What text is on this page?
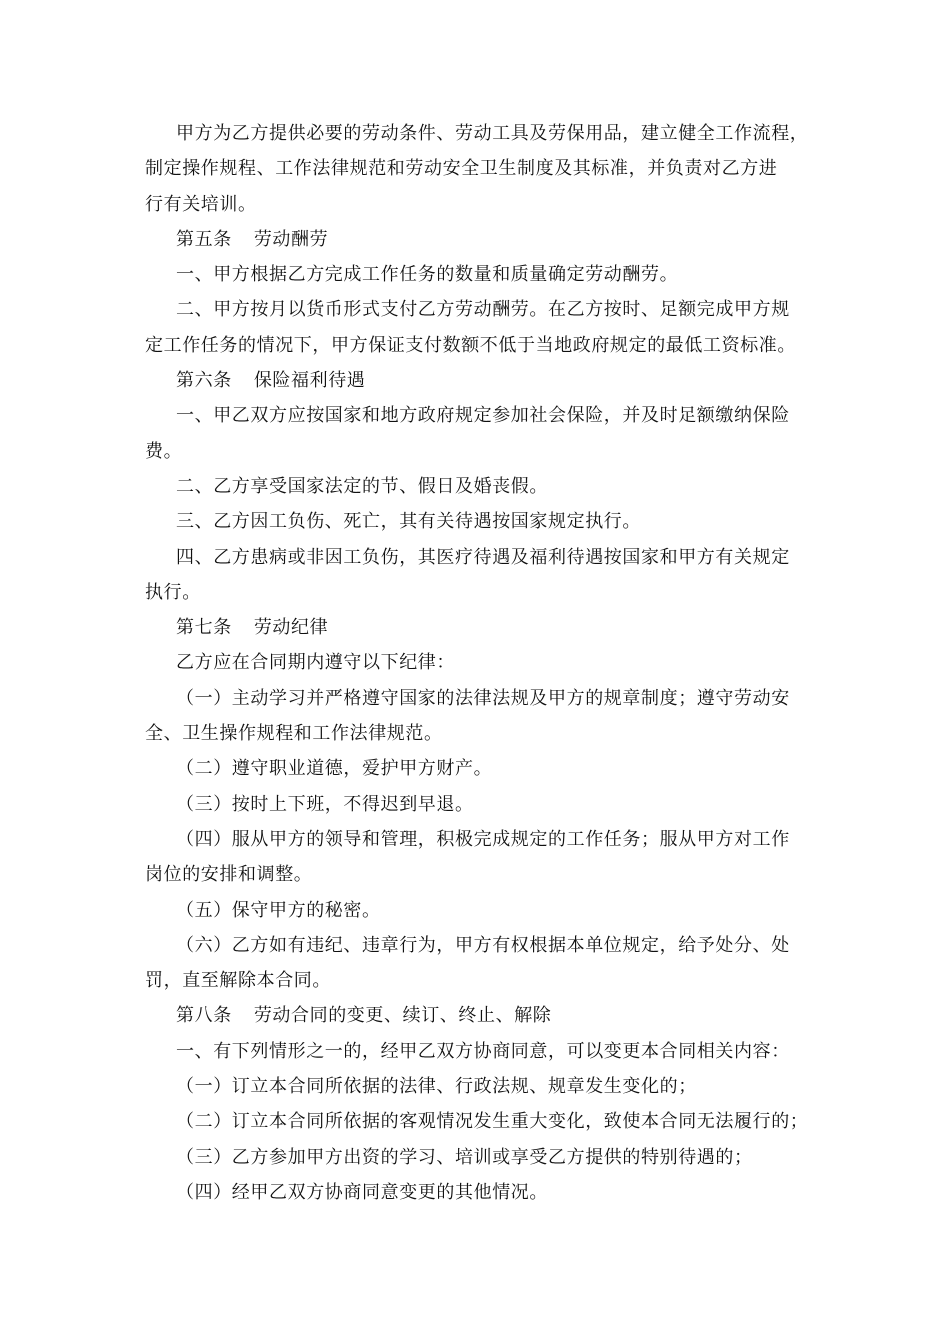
甲方为乙方提供必要的劳动条件、劳动工具及劳保用品，建立健全工作流程，
制定操作规程、工作法律规范和劳动安全卫生制度及其标准，并负责对乙方进
行有关培训。
第五条 劳动酬劳
一、甲方根据乙方完成工作任务的数量和质量确定劳动酬劳。
二、甲方按月以货币形式支付乙方劳动酬劳。在乙方按时、足额完成甲方规
定工作任务的情况下，甲方保证支付数额不低于当地政府规定的最低工资标准。
第六条 保险福利待遇
一、甲乙双方应按国家和地方政府规定参加社会保险，并及时足额缴纳保险
费。
二、乙方享受国家法定的节、假日及婚丧假。
三、乙方因工负伤、死亡，其有关待遇按国家规定执行。
四、乙方患病或非因工负伤，其医疗待遇及福利待遇按国家和甲方有关规定
执行。
第七条 劳动纪律
乙方应在合同期内遵守以下纪律：
（一）主动学习并严格遵守国家的法律法规及甲方的规章制度；遵守劳动安
全、卫生操作规程和工作法律规范。
（二）遵守职业道德，爱护甲方财产。
（三）按时上下班，不得迟到早退。
（四）服从甲方的领导和管理，积极完成规定的工作任务；服从甲方对工作
岗位的安排和调整。
（五）保守甲方的秘密。
（六）乙方如有违纪、违章行为，甲方有权根据本单位规定，给予处分、处
罚，直至解除本合同。
第八条 劳动合同的变更、续订、终止、解除
一、有下列情形之一的，经甲乙双方协商同意，可以变更本合同相关内容：
（一）订立本合同所依据的法律、行政法规、规章发生变化的；
（二）订立本合同所依据的客观情况发生重大变化，致使本合同无法履行的；
（三）乙方参加甲方出资的学习、培训或享受乙方提供的特别待遇的；
（四）经甲乙双方协商同意变更的其他情况。
